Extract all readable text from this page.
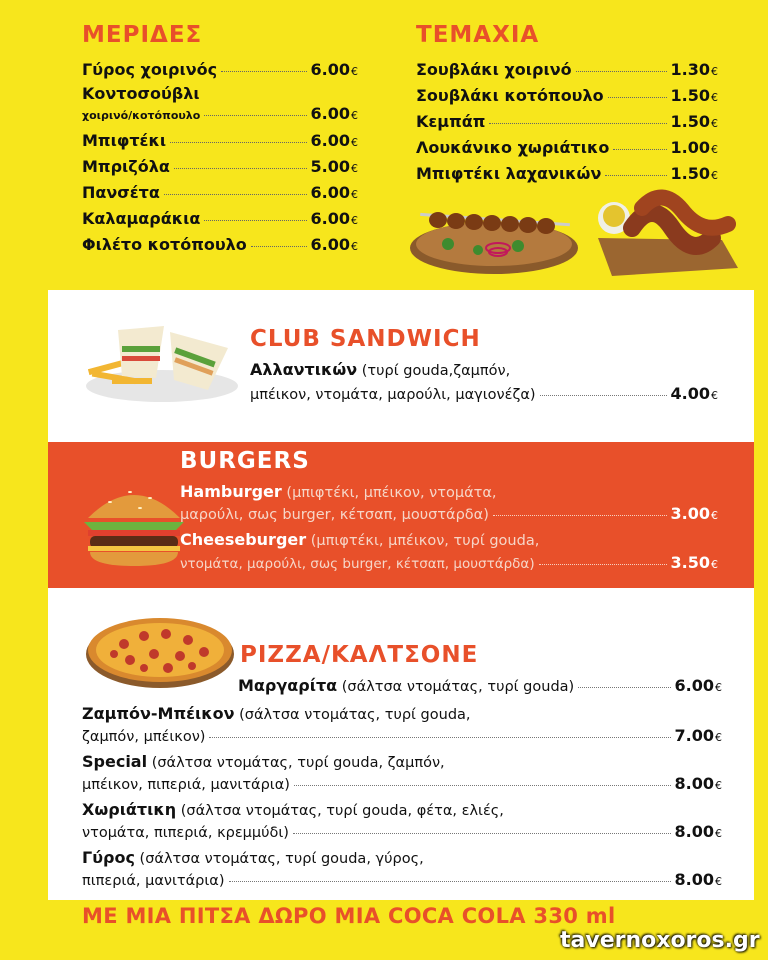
ΜΕΡΙΔΕΣ
Γύρος χοιρινός	6.00 €
Κοντοσούβλι
χοιρινό/κοτόπουλο	6.00 €
Μπιφτέκι	6.00 €
Μπριζόλα	5.00 €
Πανσέτα	6.00 €
Καλαμαράκια	6.00 €
Φιλέτο κοτόπουλο	6.00 €
ΤΕΜΑΧΙΑ
Σουβλάκι χοιρινό	1.30 €
Σουβλάκι κοτόπουλο	1.50 €
Κεμπάπ	1.50 €
Λουκάνικο χωριάτικο	1.00 €
Μπιφτέκι λαχανικών	1.50 €
CLUB SANDWICH
Αλλαντικών
(τυρί gouda,ζαμπόν,
μπέικον, ντομάτα, μαρούλι, μαγιονέζα)	4.00 €
BURGERS
Hamburger
(μπιφτέκι, μπέικον, ντομάτα,
μαρούλι, σως burger, κέτσαπ, μουστάρδα)	3.00 €
Cheeseburger
(μπιφτέκι, μπέικον, τυρί gouda,
ντομάτα, μαρούλι, σως burger, κέτσαπ, μουστάρδα)	3.50 €
PIZZA/ΚΑΛΤΣΟΝΕ
Μαργαρίτα
(σάλτσα ντομάτας, τυρί gouda)	6.00 €
Ζαμπόν-Μπέικον
(σάλτσα ντομάτας, τυρί gouda,
ζαμπόν, μπέικον)	7.00 €
Special
(σάλτσα ντομάτας, τυρί gouda, ζαμπόν,
μπέικον, πιπεριά, μανιτάρια)	8.00 €
Χωριάτικη
(σάλτσα ντομάτας, τυρί gouda, φέτα, ελιές,
ντομάτα, πιπεριά, κρεμμύδι)	8.00 €
Γύρος
(σάλτσα ντομάτας, τυρί gouda, γύρος,
πιπεριά, μανιτάρια)	8.00 €
ΜΕ ΜΙΑ ΠΙΤΣΑ ΔΩΡΟ ΜΙΑ COCA COLA 330 ml
tavernoxoros.gr
